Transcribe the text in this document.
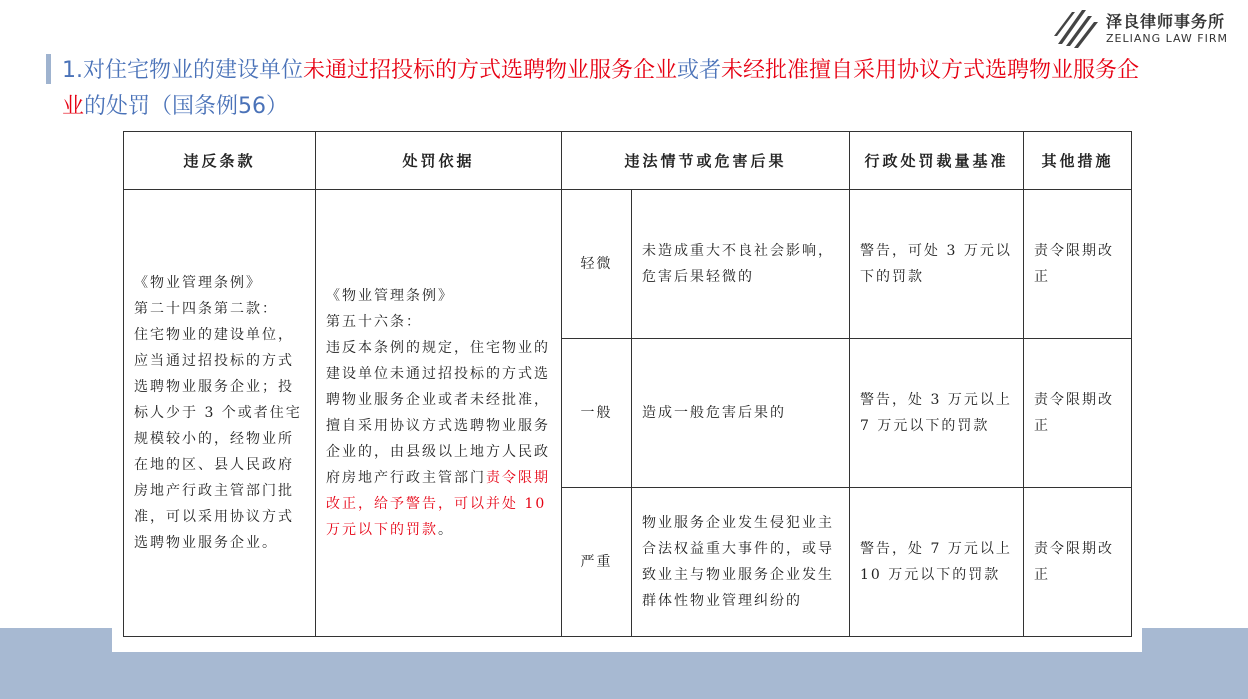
泽良律师事务所
ZELIANG LAW FIRM
1.对住宅物业的建设单位未通过招投标的方式选聘物业服务企业或者未经批准擅自采用协议方式选聘物业服务企业的处罚（国条例56）
违反条款	处罚依据	违法情节或危害后果		行政处罚裁量基准	其他措施
《物业管理条例》
第二十四条第二款：
住宅物业的建设单位，应当通过招投标的方式选聘物业服务企业；投标人少于 3 个或者住宅规模较小的，经物业所在地的区、县人民政府房地产行政主管部门批准，可以采用协议方式选聘物业服务企业。	《物业管理条例》
第五十六条：
违反本条例的规定，住宅物业的建设单位未通过招投标的方式选聘物业服务企业或者未经批准，擅自采用协议方式选聘物业服务企业的，由县级以上地方人民政府房地产行政主管部门责令限期改正，给予警告，可以并处 10 万元以下的罚款。	轻微	未造成重大不良社会影响，危害后果轻微的	警告，可处 3 万元以下的罚款	责令限期改正
		一般	造成一般危害后果的	警告，处 3 万元以上 7 万元以下的罚款	责令限期改正
		严重	物业服务企业发生侵犯业主合法权益重大事件的，或导致业主与物业服务企业发生群体性物业管理纠纷的	警告，处 7 万元以上 10 万元以下的罚款	责令限期改正
